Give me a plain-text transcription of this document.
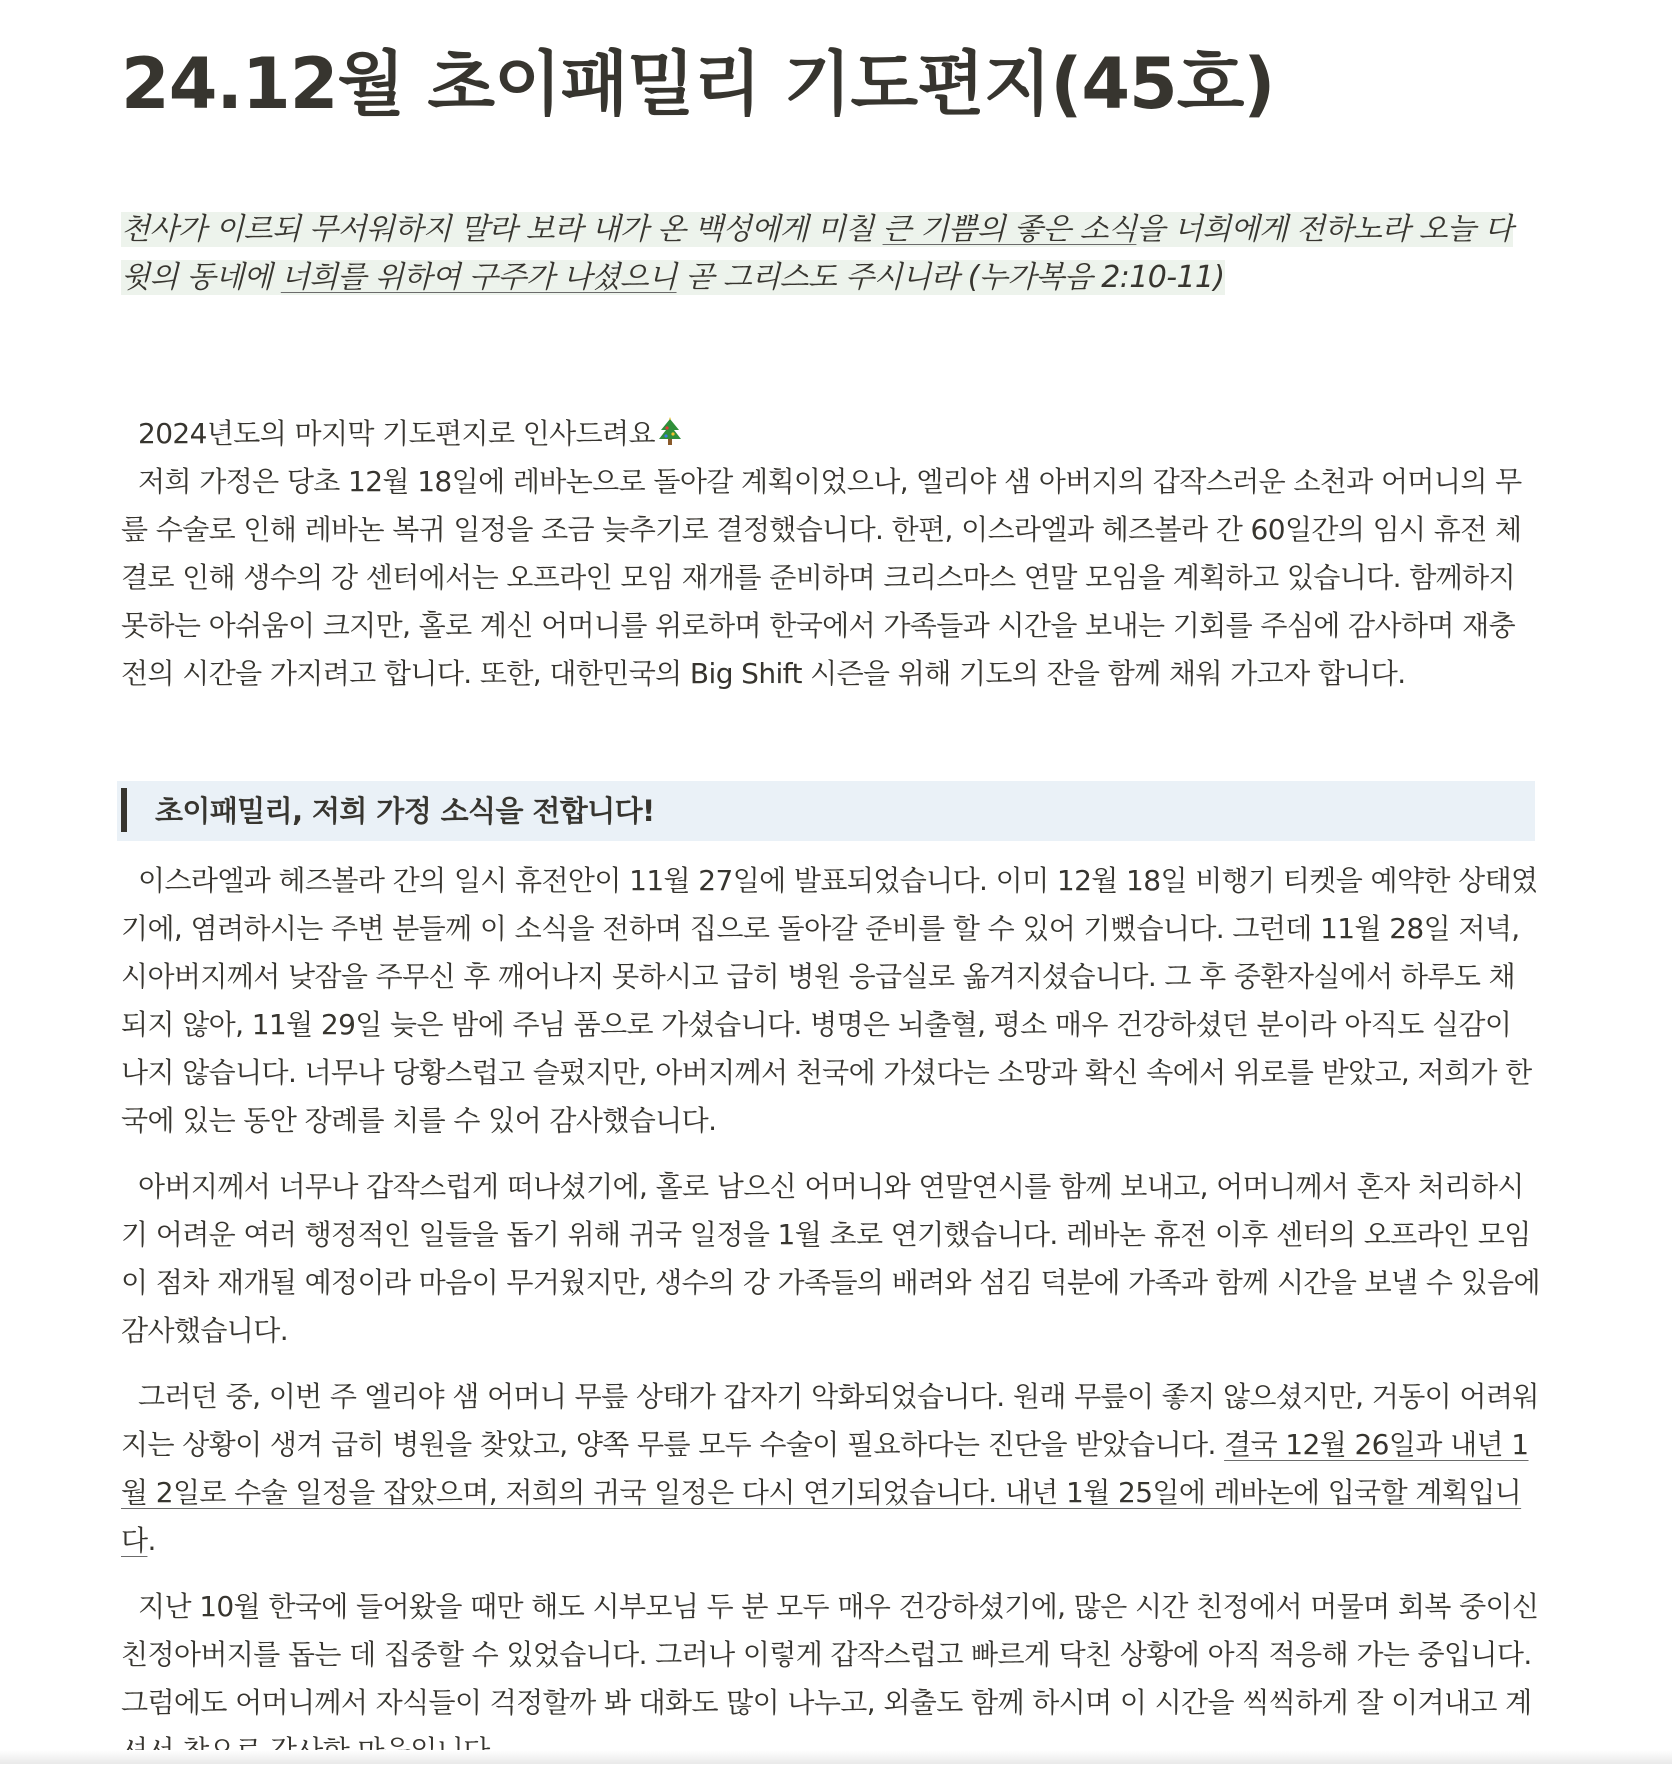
24.12월 초이패밀리 기도편지(45호)
천사가 이르되 무서워하지 말라 보라 내가 온 백성에게 미칠 큰 기쁨의 좋은 소식을 너희에게 전하노라 오늘 다윗의 동네에 너희를 위하여 구주가 나셨으니 곧 그리스도 주시니라 (누가복음 2:10-11)

2024년도의 마지막 기도편지로 인사드려요

저희 가정은 당초 12월 18일에 레바논으로 돌아갈 계획이었으나, 엘리야 샘 아버지의 갑작스러운 소천과 어머니의 무릎 수술로 인해 레바논 복귀 일정을 조금 늦추기로 결정했습니다. 한편, 이스라엘과 헤즈볼라 간 60일간의 임시 휴전 체결로 인해 생수의 강 센터에서는 오프라인 모임 재개를 준비하며 크리스마스 연말 모임을 계획하고 있습니다. 함께하지 못하는 아쉬움이 크지만, 홀로 계신 어머니를 위로하며 한국에서 가족들과 시간을 보내는 기회를 주심에 감사하며 재충전의 시간을 가지려고 합니다. 또한, 대한민국의 Big Shift 시즌을 위해 기도의 잔을 함께 채워 가고자 합니다.

초이패밀리, 저희 가정 소식을 전합니다!

이스라엘과 헤즈볼라 간의 일시 휴전안이 11월 27일에 발표되었습니다. 이미 12월 18일 비행기 티켓을 예약한 상태였기에, 염려하시는 주변 분들께 이 소식을 전하며 집으로 돌아갈 준비를 할 수 있어 기뻤습니다. 그런데 11월 28일 저녁, 시아버지께서 낮잠을 주무신 후 깨어나지 못하시고 급히 병원 응급실로 옮겨지셨습니다. 그 후 중환자실에서 하루도 채 되지 않아, 11월 29일 늦은 밤에 주님 품으로 가셨습니다. 병명은 뇌출혈, 평소 매우 건강하셨던 분이라 아직도 실감이 나지 않습니다. 너무나 당황스럽고 슬펐지만, 아버지께서 천국에 가셨다는 소망과 확신 속에서 위로를 받았고, 저희가 한국에 있는 동안 장례를 치를 수 있어 감사했습니다.

아버지께서 너무나 갑작스럽게 떠나셨기에, 홀로 남으신 어머니와 연말연시를 함께 보내고, 어머니께서 혼자 처리하시기 어려운 여러 행정적인 일들을 돕기 위해 귀국 일정을 1월 초로 연기했습니다. 레바논 휴전 이후 센터의 오프라인 모임이 점차 재개될 예정이라 마음이 무거웠지만, 생수의 강 가족들의 배려와 섬김 덕분에 가족과 함께 시간을 보낼 수 있음에 감사했습니다.

그러던 중, 이번 주 엘리야 샘 어머니 무릎 상태가 갑자기 악화되었습니다. 원래 무릎이 좋지 않으셨지만, 거동이 어려워지는 상황이 생겨 급히 병원을 찾았고, 양쪽 무릎 모두 수술이 필요하다는 진단을 받았습니다. 결국 12월 26일과 내년 1월 2일로 수술 일정을 잡았으며, 저희의 귀국 일정은 다시 연기되었습니다. 내년 1월 25일에 레바논에 입국할 계획입니다.

지난 10월 한국에 들어왔을 때만 해도 시부모님 두 분 모두 매우 건강하셨기에, 많은 시간 친정에서 머물며 회복 중이신 친정아버지를 돕는 데 집중할 수 있었습니다. 그러나 이렇게 갑작스럽고 빠르게 닥친 상황에 아직 적응해 가는 중입니다. 그럼에도 어머니께서 자식들이 걱정할까 봐 대화도 많이 나누고, 외출도 함께 하시며 이 시간을 씩씩하게 잘 이겨내고 계
